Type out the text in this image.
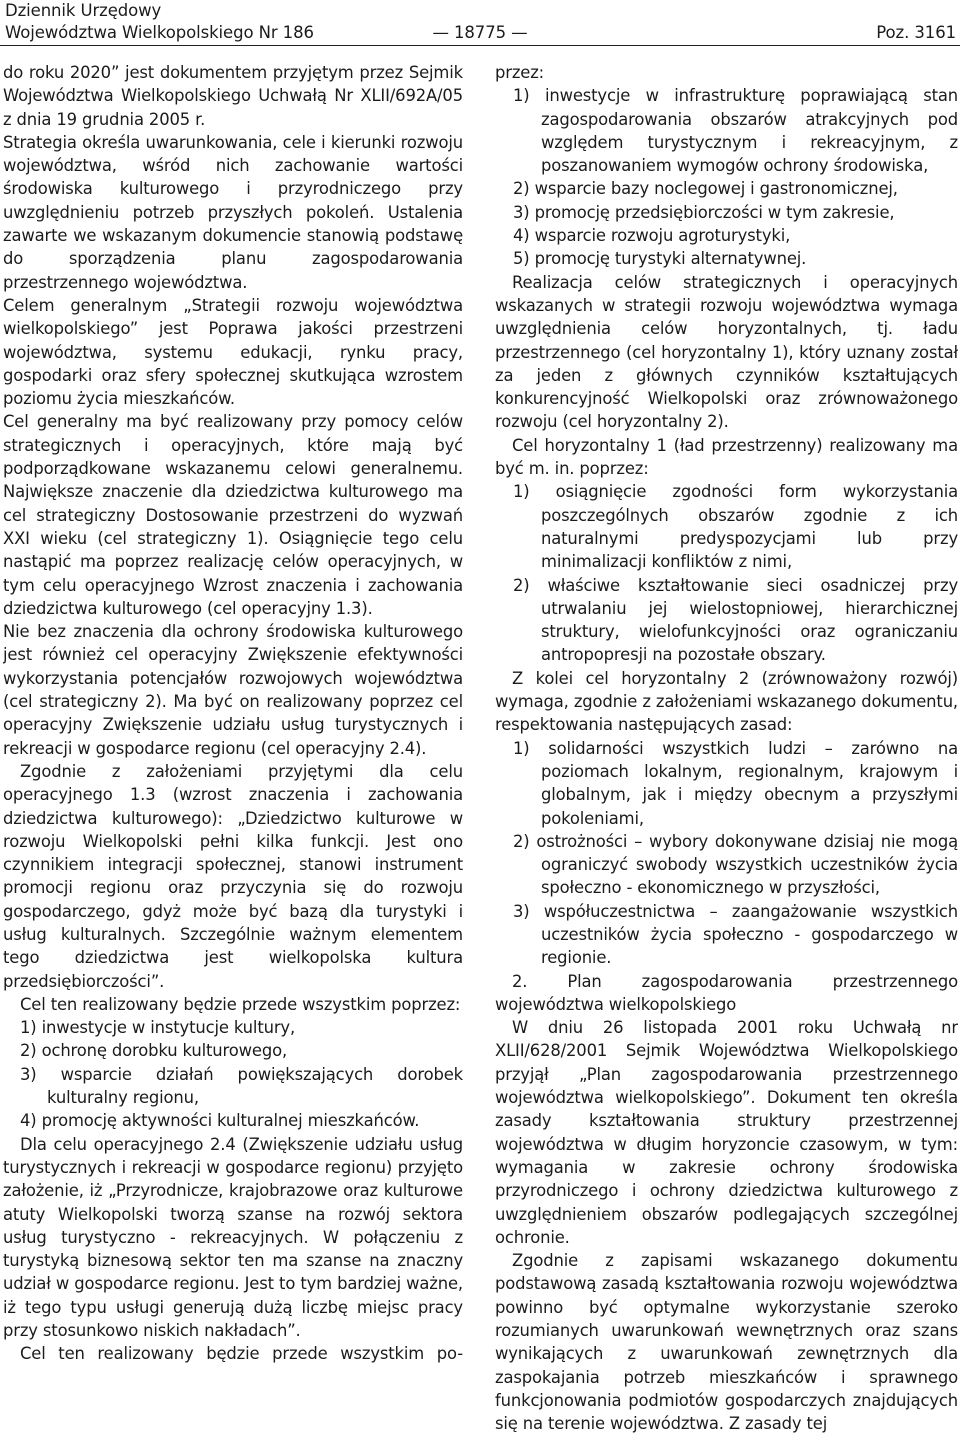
Dziennik Urzędowy
Województwa Wielkopolskiego Nr 186	— 18775 —	Poz. 3161

do roku 2020” jest dokumentem przyjętym przez Sejmik Województwa Wielkopolskiego Uchwałą Nr XLII/692A/05 z dnia 19 grudnia 2005 r.

Strategia określa uwarunkowania, cele i kierunki rozwoju województwa, wśród nich zachowanie wartości środowiska kulturowego i przyrodniczego przy uwzględnieniu potrzeb przyszłych pokoleń. Ustalenia zawarte we wskazanym dokumencie stanowią podstawę do sporządzenia planu zagospodarowania przestrzennego województwa.

Celem generalnym „Strategii rozwoju województwa wielkopolskiego” jest Poprawa jakości przestrzeni województwa, systemu edukacji, rynku pracy, gospodarki oraz sfery społecznej skutkująca wzrostem poziomu życia mieszkańców.

Cel generalny ma być realizowany przy pomocy celów strategicznych i operacyjnych, które mają być podporządkowane wskazanemu celowi generalnemu. Największe znaczenie dla dziedzictwa kulturowego ma cel strategiczny Dostosowanie przestrzeni do wyzwań XXI wieku (cel strategiczny 1). Osiągnięcie tego celu nastąpić ma poprzez realizację celów operacyjnych, w tym celu operacyjnego Wzrost znaczenia i zachowania dziedzictwa kulturowego (cel operacyjny 1.3).

Nie bez znaczenia dla ochrony środowiska kulturowego jest również cel operacyjny Zwiększenie efektywności wykorzystania potencjałów rozwojowych województwa (cel strategiczny 2). Ma być on realizowany poprzez cel operacyjny Zwiększenie udziału usług turystycznych i rekreacji w gospodarce regionu (cel operacyjny 2.4).

Zgodnie z założeniami przyjętymi dla celu operacyjnego 1.3 (wzrost znaczenia i zachowania dziedzictwa kulturowego): „Dziedzictwo kulturowe w rozwoju Wielkopolski pełni kilka funkcji. Jest ono czynnikiem integracji społecznej, stanowi instrument promocji regionu oraz przyczynia się do rozwoju gospodarczego, gdyż może być bazą dla turystyki i usług kulturalnych. Szczególnie ważnym elementem tego dziedzictwa jest wielkopolska kultura przedsiębiorczości”.

Cel ten realizowany będzie przede wszystkim poprzez:

1) inwestycje w instytucje kultury,

2) ochronę dorobku kulturowego,

3) wsparcie działań powiększających dorobek kulturalny regionu,

4) promocję aktywności kulturalnej mieszkańców.

Dla celu operacyjnego 2.4 (Zwiększenie udziału usług turystycznych i rekreacji w gospodarce regionu) przyjęto założenie, iż „Przyrodnicze, krajobrazowe oraz kulturowe atuty Wielkopolski tworzą szanse na rozwój sektora usług turystyczno - rekreacyjnych. W połączeniu z turystyką biznesową sektor ten ma szanse na znaczny udział w gospodarce regionu. Jest to tym bardziej ważne, iż tego typu usługi generują dużą liczbę miejsc pracy przy stosunkowo niskich nakładach”.

Cel ten realizowany będzie przede wszystkim po-

przez:

1) inwestycje w infrastrukturę poprawiającą stan zagospodarowania obszarów atrakcyjnych pod względem turystycznym i rekreacyjnym, z poszanowaniem wymogów ochrony środowiska,

2) wsparcie bazy noclegowej i gastronomicznej,

3) promocję przedsiębiorczości w tym zakresie,

4) wsparcie rozwoju agroturystyki,

5) promocję turystyki alternatywnej.

Realizacja celów strategicznych i operacyjnych wskazanych w strategii rozwoju województwa wymaga uwzględnienia celów horyzontalnych, tj. ładu przestrzennego (cel horyzontalny 1), który uznany został za jeden z głównych czynników kształtujących konkurencyjność Wielkopolski oraz zrównoważonego rozwoju (cel horyzontalny 2).

Cel horyzontalny 1 (ład przestrzenny) realizowany ma być m. in. poprzez:

1) osiągnięcie zgodności form wykorzystania poszczególnych obszarów zgodnie z ich naturalnymi predyspozycjami lub przy minimalizacji konfliktów z nimi,

2) właściwe kształtowanie sieci osadniczej przy utrwalaniu jej wielostopniowej, hierarchicznej struktury, wielofunkcyjności oraz ograniczaniu antropopresji na pozostałe obszary.

Z kolei cel horyzontalny 2 (zrównoważony rozwój) wymaga, zgodnie z założeniami wskazanego dokumentu, respektowania następujących zasad:

1) solidarności wszystkich ludzi – zarówno na poziomach lokalnym, regionalnym, krajowym i globalnym, jak i między obecnym a przyszłymi pokoleniami,

2) ostrożności – wybory dokonywane dzisiaj nie mogą ograniczyć swobody wszystkich uczestników życia społeczno - ekonomicznego w przyszłości,

3) współuczestnictwa – zaangażowanie wszystkich uczestników życia społeczno - gospodarczego w regionie.

2. Plan zagospodarowania przestrzennego województwa wielkopolskiego

W dniu 26 listopada 2001 roku Uchwałą nr XLII/628/2001 Sejmik Województwa Wielkopolskiego przyjął „Plan zagospodarowania przestrzennego województwa wielkopolskiego”. Dokument ten określa zasady kształtowania struktury przestrzennej województwa w długim horyzoncie czasowym, w tym: wymagania w zakresie ochrony środowiska przyrodniczego i ochrony dziedzictwa kulturowego z uwzględnieniem obszarów podlegających szczególnej ochronie.

Zgodnie z zapisami wskazanego dokumentu podstawową zasadą kształtowania rozwoju województwa powinno być optymalne wykorzystanie szeroko rozumianych uwarunkowań wewnętrznych oraz szans wynikających z uwarunkowań zewnętrznych dla zaspokajania potrzeb mieszkańców i sprawnego funkcjonowania podmiotów gospodarczych znajdujących się na terenie województwa. Z zasady tej
